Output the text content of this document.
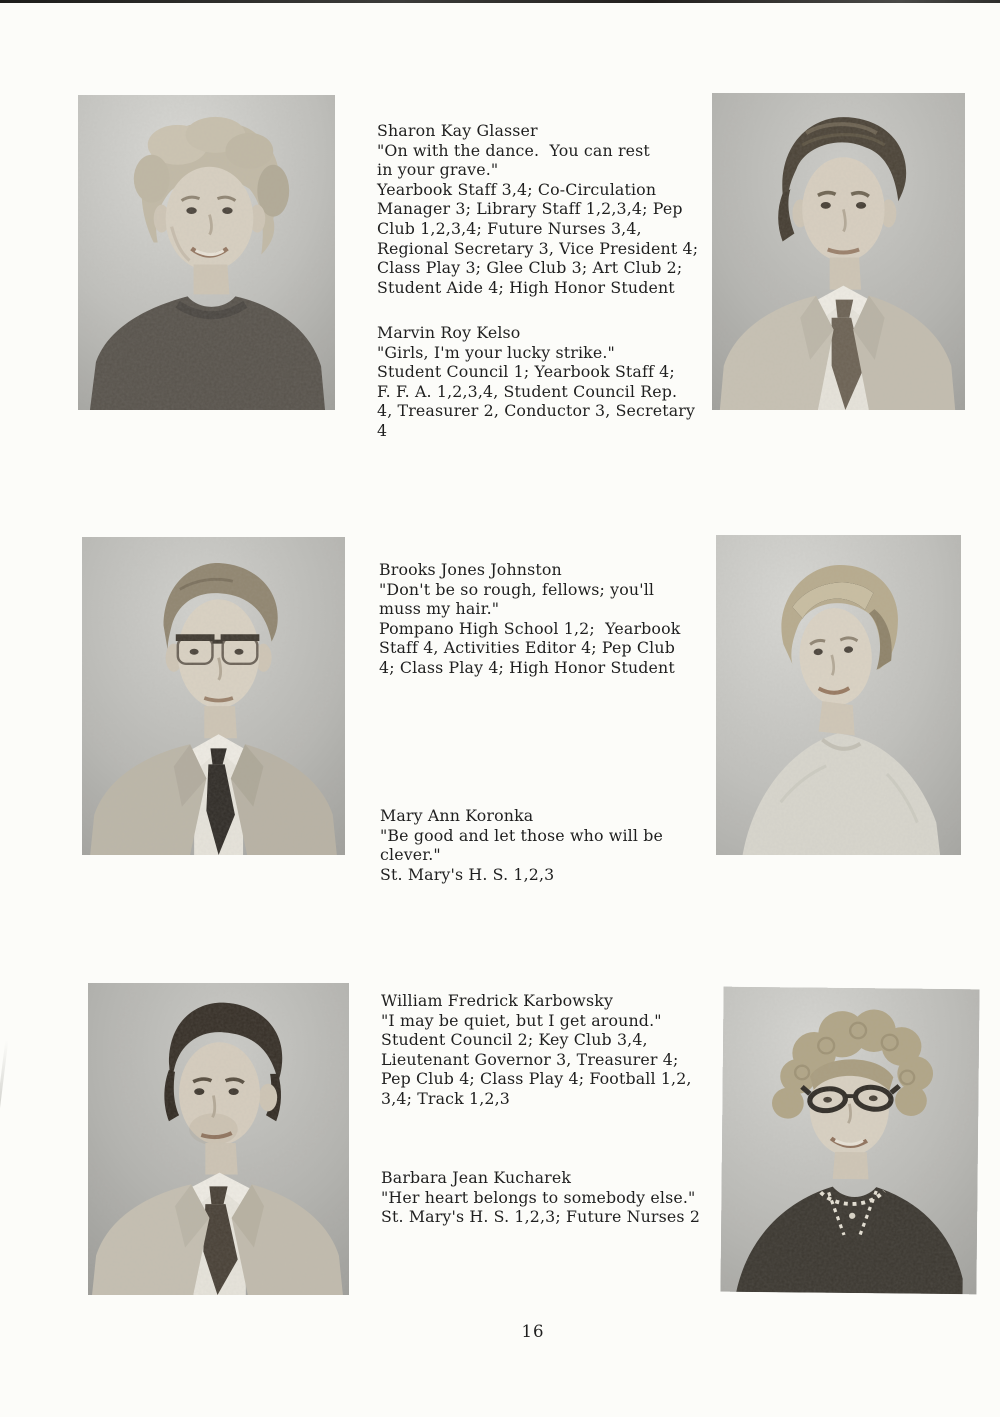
Sharon Kay Glasser
"On with the dance.  You can rest
in your grave."
Yearbook Staff 3,4; Co-Circulation
Manager 3; Library Staff 1,2,3,4; Pep
Club 1,2,3,4; Future Nurses 3,4,
Regional Secretary 3, Vice President 4;
Class Play 3; Glee Club 3; Art Club 2;
Student Aide 4; High Honor Student
Marvin Roy Kelso
"Girls, I'm your lucky strike."
Student Council 1; Yearbook Staff 4;
F. F. A. 1,2,3,4, Student Council Rep.
4, Treasurer 2, Conductor 3, Secretary
4
Brooks Jones Johnston
"Don't be so rough, fellows; you'll
muss my hair."
Pompano High School 1,2;  Yearbook
Staff 4, Activities Editor 4; Pep Club
4; Class Play 4; High Honor Student
Mary Ann Koronka
"Be good and let those who will be
clever."
St. Mary's H. S. 1,2,3
William Fredrick Karbowsky
"I may be quiet, but I get around."
Student Council 2; Key Club 3,4,
Lieutenant Governor 3, Treasurer 4;
Pep Club 4; Class Play 4; Football 1,2,
3,4; Track 1,2,3
Barbara Jean Kucharek
"Her heart belongs to somebody else."
St. Mary's H. S. 1,2,3; Future Nurses 2
16
